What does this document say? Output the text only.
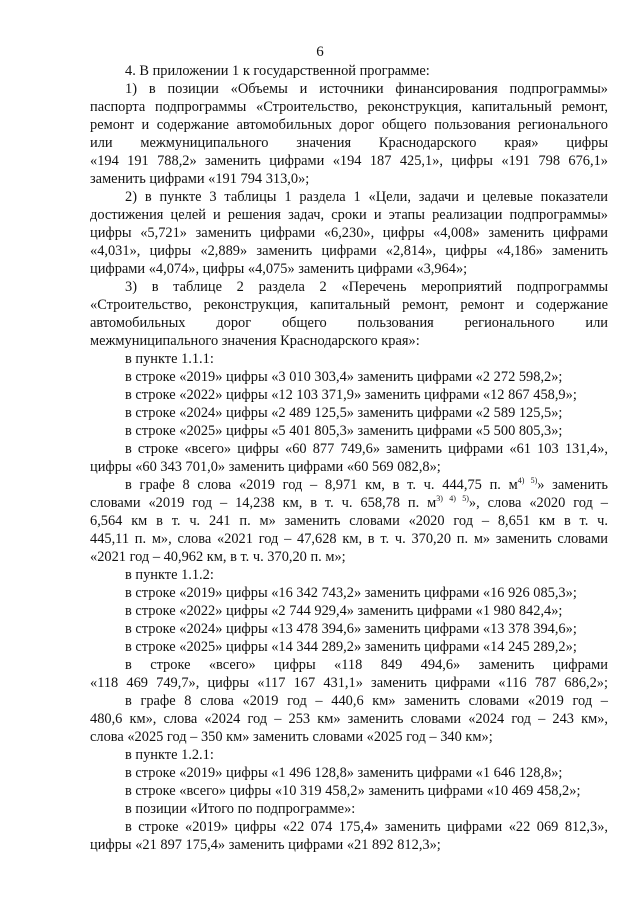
6
4. В приложении 1 к государственной программе:
1) в позиции «Объемы и источники финансирования подпрограммы»
паспорта подпрограммы «Строительство, реконструкция, капитальный ремонт,
ремонт и содержание автомобильных дорог общего пользования регионального
или межмуниципального значения Краснодарского края» цифры
«194 191 788,2» заменить цифрами «194 187 425,1», цифры «191 798 676,1»
заменить цифрами «191 794 313,0»;
2) в пункте 3 таблицы 1 раздела 1 «Цели, задачи и целевые показатели
достижения целей и решения задач, сроки и этапы реализации подпрограммы»
цифры «5,721» заменить цифрами «6,230», цифры «4,008» заменить цифрами
«4,031», цифры «2,889» заменить цифрами «2,814», цифры «4,186» заменить
цифрами «4,074», цифры «4,075» заменить цифрами «3,964»;
3) в таблице 2 раздела 2 «Перечень мероприятий подпрограммы
«Строительство, реконструкция, капитальный ремонт, ремонт и содержание
автомобильных дорог общего пользования регионального или
межмуниципального значения Краснодарского края»:
в пункте 1.1.1:
в строке «2019» цифры «3 010 303,4» заменить цифрами «2 272 598,2»;
в строке «2022» цифры «12 103 371,9» заменить цифрами «12 867 458,9»;
в строке «2024» цифры «2 489 125,5» заменить цифрами «2 589 125,5»;
в строке «2025» цифры «5 401 805,3» заменить цифрами «5 500 805,3»;
в строке «всего» цифры «60 877 749,6» заменить цифрами «61 103 131,4»,
цифры «60 343 701,0» заменить цифрами «60 569 082,8»;
в графе 8 слова «2019 год – 8,971 км, в т. ч. 444,75 п. $м^{4) 5)}$» заменить
словами «2019 год – 14,238 км, в т. ч. 658,78 п. $м^{3) 4) 5)}$», слова «2020 год –
6,564 км в т. ч. 241 п. м» заменить словами «2020 год – 8,651 км в т. ч.
445,11 п. м», слова «2021 год – 47,628 км, в т. ч. 370,20 п. м» заменить словами
«2021 год – 40,962 км, в т. ч. 370,20 п. м»;
в пункте 1.1.2:
в строке «2019» цифры «16 342 743,2» заменить цифрами «16 926 085,3»;
в строке «2022» цифры «2 744 929,4» заменить цифрами «1 980 842,4»;
в строке «2024» цифры «13 478 394,6» заменить цифрами «13 378 394,6»;
в строке «2025» цифры «14 344 289,2» заменить цифрами «14 245 289,2»;
в строке «всего» цифры «118 849 494,6» заменить цифрами
«118 469 749,7», цифры «117 167 431,1» заменить цифрами «116 787 686,2»;
в графе 8 слова «2019 год – 440,6 км» заменить словами «2019 год –
480,6 км», слова «2024 год – 253 км» заменить словами «2024 год – 243 км»,
слова «2025 год – 350 км» заменить словами «2025 год – 340 км»;
в пункте 1.2.1:
в строке «2019» цифры «1 496 128,8» заменить цифрами «1 646 128,8»;
в строке «всего» цифры «10 319 458,2» заменить цифрами «10 469 458,2»;
в позиции «Итого по подпрограмме»:
в строке «2019» цифры «22 074 175,4» заменить цифрами «22 069 812,3»,
цифры «21 897 175,4» заменить цифрами «21 892 812,3»;
